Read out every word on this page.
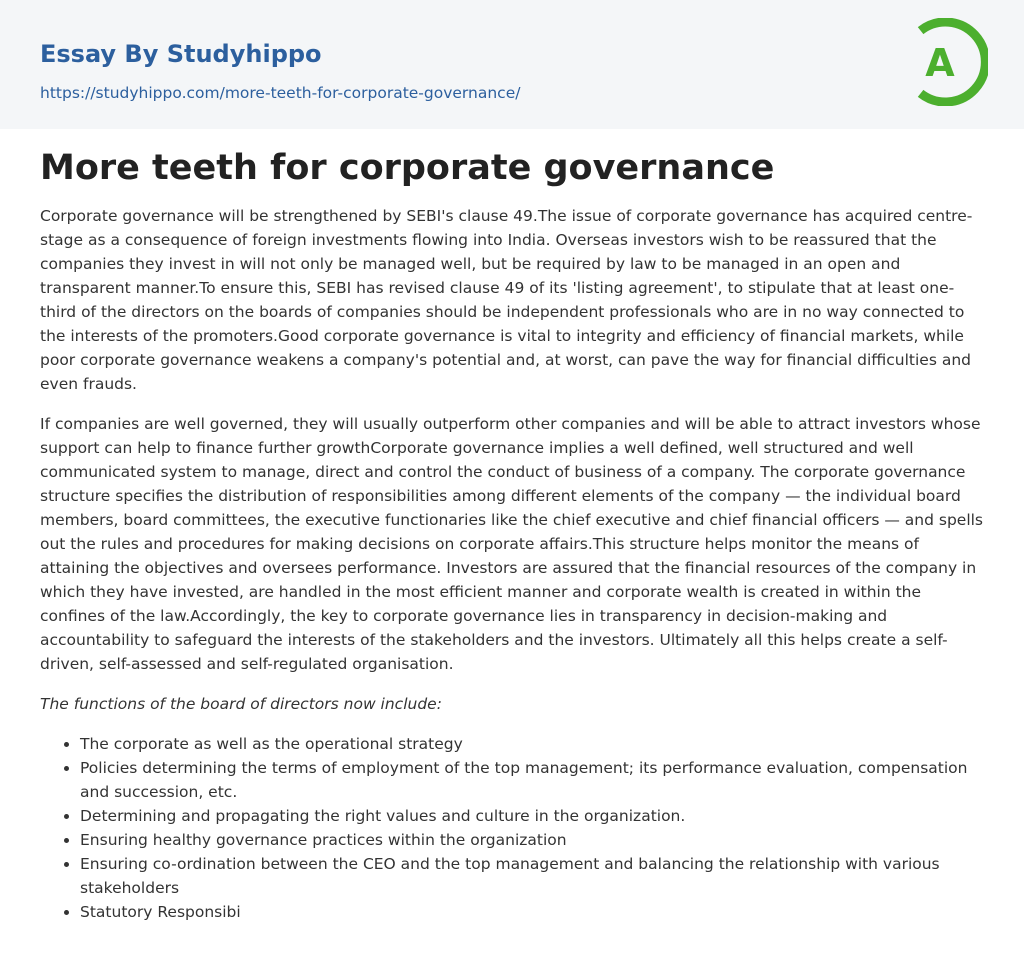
Essay By Studyhippo
https://studyhippo.com/more-teeth-for-corporate-governance/
A
More teeth for corporate governance

Corporate governance will be strengthened by SEBI's clause 49.The issue of corporate governance has acquired centre-stage as a consequence of foreign investments flowing into India. Overseas investors wish to be reassured that the companies they invest in will not only be managed well, but be required by law to be managed in an open and transparent manner.To ensure this, SEBI has revised clause 49 of its 'listing agreement', to stipulate that at least one-third of the directors on the boards of companies should be independent professionals who are in no way connected to the interests of the promoters.Good corporate governance is vital to integrity and efficiency of financial markets, while poor corporate governance weakens a company's potential and, at worst, can pave the way for financial difficulties and even frauds.

If companies are well governed, they will usually outperform other companies and will be able to attract investors whose support can help to finance further growthCorporate governance implies a well defined, well structured and well communicated system to manage, direct and control the conduct of business of a company. The corporate governance structure specifies the distribution of responsibilities among different elements of the company — the individual board members, board committees, the executive functionaries like the chief executive and chief financial officers — and spells out the rules and procedures for making decisions on corporate affairs.This structure helps monitor the means of attaining the objectives and oversees performance. Investors are assured that the financial resources of the company in which they have invested, are handled in the most efficient manner and corporate wealth is created in within the confines of the law.Accordingly, the key to corporate governance lies in transparency in decision-making and accountability to safeguard the interests of the stakeholders and the investors. Ultimately all this helps create a self-driven, self-assessed and self-regulated organisation.

The functions of the board of directors now include:

• The corporate as well as the operational strategy
• Policies determining the terms of employment of the top management; its performance evaluation, compensation and succession, etc.
• Determining and propagating the right values and culture in the organization.
• Ensuring healthy governance practices within the organization
• Ensuring co-ordination between the CEO and the top management and balancing the relationship with various stakeholders
• Statutory Responsibi
